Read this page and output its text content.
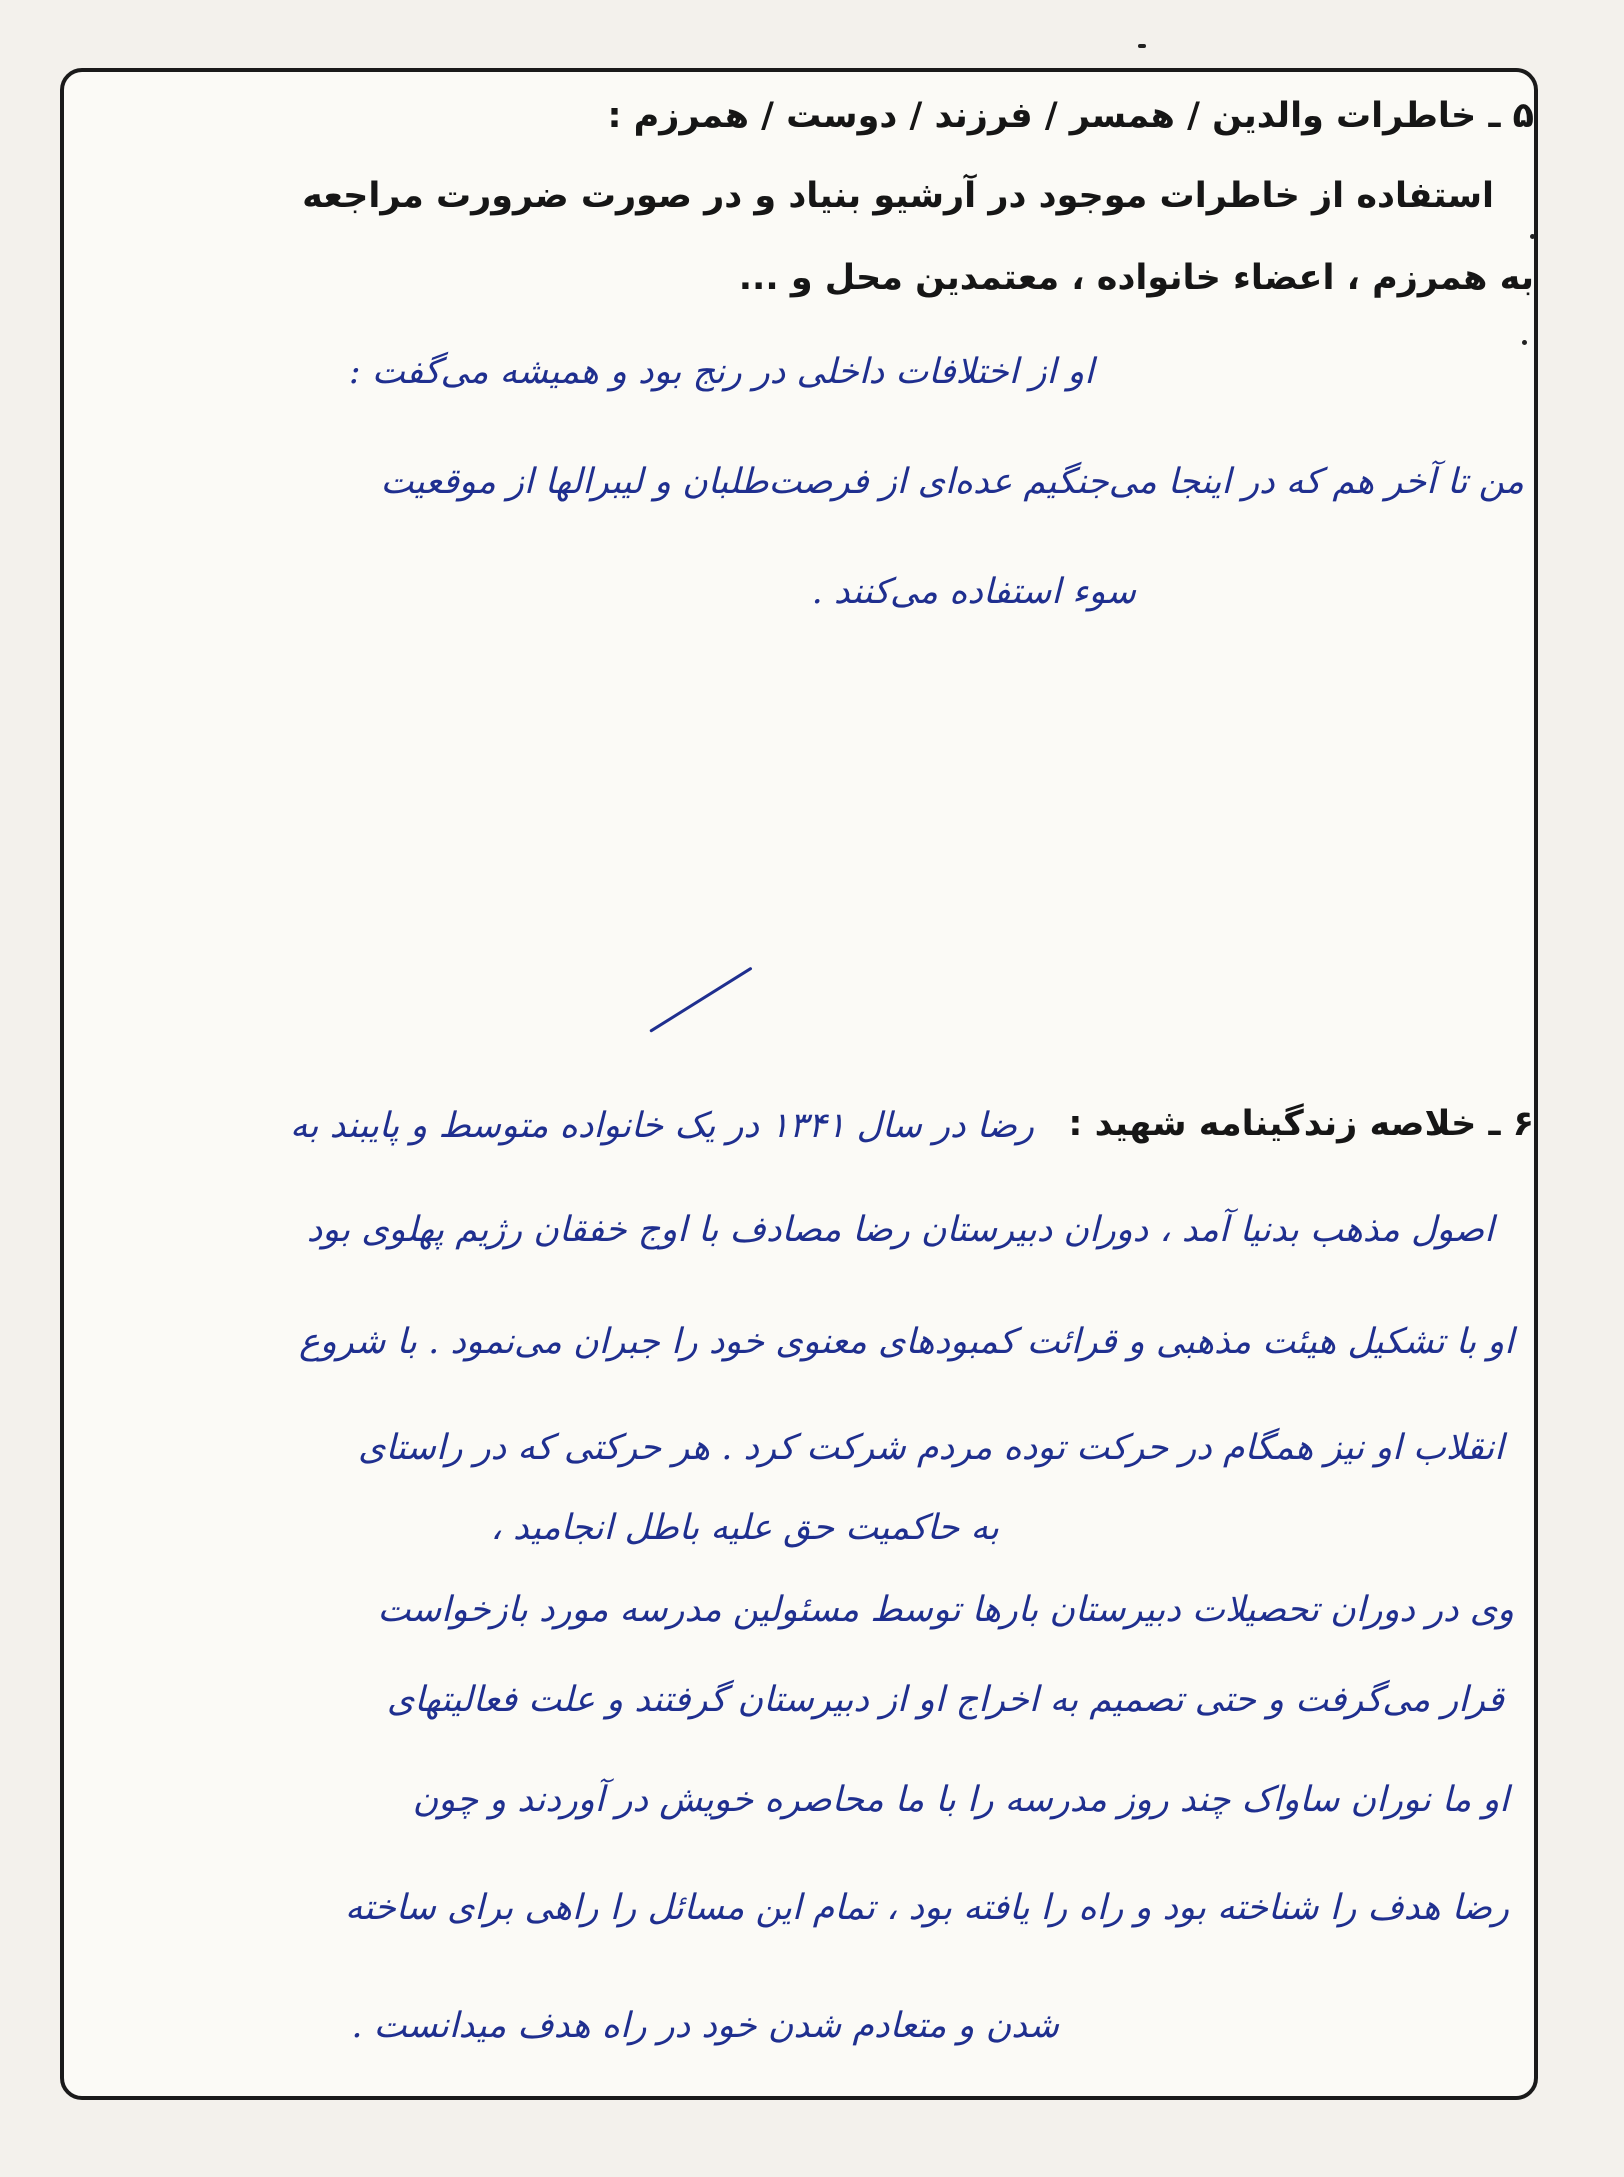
۵ ـ خاطرات والدین / همسر / فرزند / دوست / همرزم :
استفاده از خاطرات موجود در آرشیو بنیاد و در صورت ضرورت مراجعه
به همرزم ، اعضاء خانواده ، معتمدین محل و ...
او از اختلافات داخلی در رنج بود و همیشه می‌گفت :
من تا آخر هم که در اینجا می‌جنگیم عده‌ای از فرصت‌طلبان و لیبرالها از موقعیت
سوء استفاده می‌کنند .
۶ ـ خلاصه زندگینامه شهید :
رضا در سال ۱۳۴۱ در یک خانواده متوسط و پایبند به
اصول مذهب بدنیا آمد ، دوران دبیرستان رضا مصادف با اوج خفقان رژیم پهلوی بود
او با تشکیل هیئت مذهبی و قرائت کمبودهای معنوی خود را جبران می‌نمود . با شروع
انقلاب او نیز همگام در حرکت توده مردم شرکت کرد . هر حرکتی که در راستای
به حاکمیت حق علیه باطل انجامید ،
وی در دوران تحصیلات دبیرستان بارها توسط مسئولین مدرسه مورد بازخواست
قرار می‌گرفت و حتی تصمیم به اخراج او از دبیرستان گرفتند و علت فعالیتهای
او ما نوران ساواک چند روز مدرسه را با ما محاصره خویش در آوردند و چون
رضا هدف را شناخته بود و راه را یافته بود ، تمام این مسائل را راهی برای ساخته
شدن و متعادم شدن خود در راه هدف میدانست .
